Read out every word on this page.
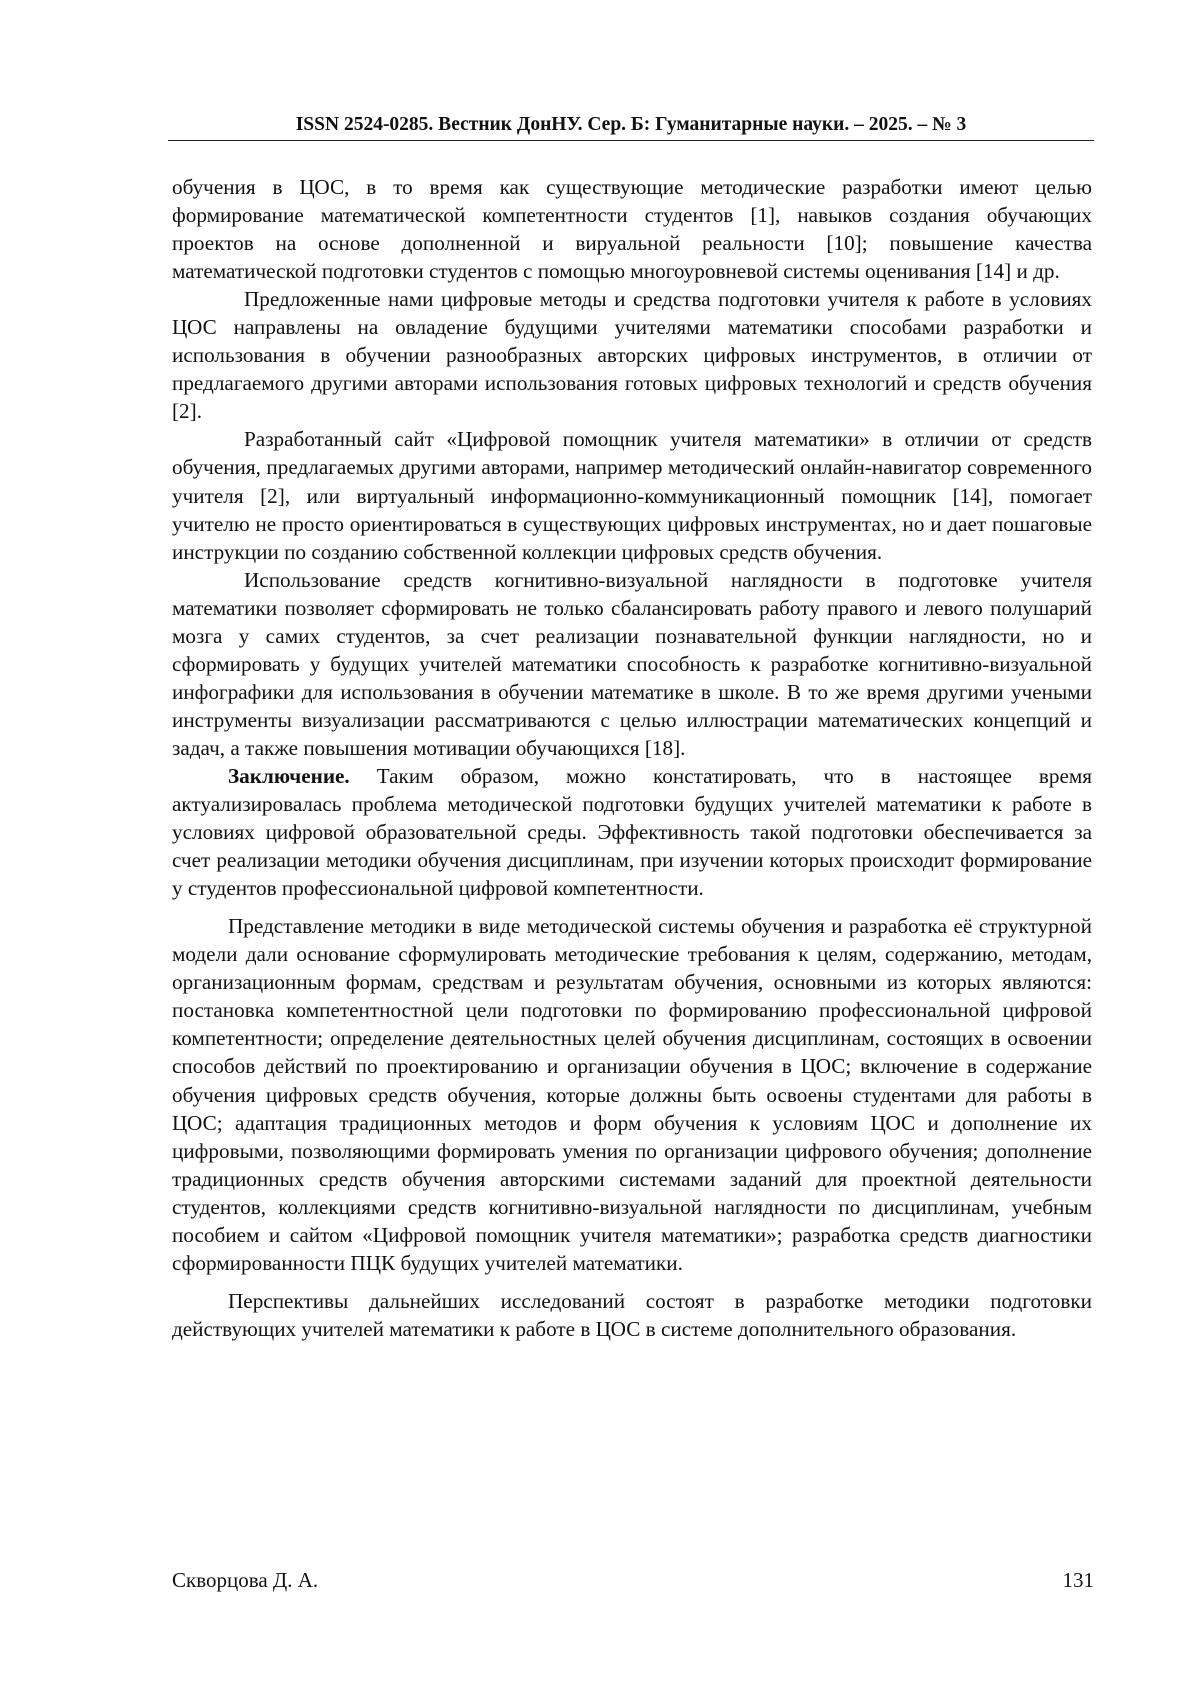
ISSN 2524-0285. Вестник ДонНУ. Сер. Б: Гуманитарные науки. – 2025. – № 3

обучения в ЦОС, в то время как существующие методические разработки имеют целью формирование математической компетентности студентов [1], навыков создания обучающих проектов на основе дополненной и вируальной реальности [10]; повышение качества математической подготовки студентов с помощью многоуровневой системы оценивания [14] и др.

Предложенные нами цифровые методы и средства подготовки учителя к работе в условиях ЦОС направлены на овладение будущими учителями математики способами разработки и использования в обучении разнообразных авторских цифровых инструментов, в отличии от предлагаемого другими авторами использования готовых цифровых технологий и средств обучения [2].

Разработанный сайт «Цифровой помощник учителя математики» в отличии от средств обучения, предлагаемых другими авторами, например методический онлайн-навигатор современного учителя [2], или виртуальный информационно-коммуникационный помощник [14], помогает учителю не просто ориентироваться в существующих цифровых инструментах, но и дает пошаговые инструкции по созданию собственной коллекции цифровых средств обучения.

Использование средств когнитивно-визуальной наглядности в подготовке учителя математики позволяет сформировать не только сбалансировать работу правого и левого полушарий мозга у самих студентов, за счет реализации познавательной функции наглядности, но и сформировать у будущих учителей математики способность к разработке когнитивно-визуальной инфографики для использования в обучении математике в школе. В то же время другими учеными инструменты визуализации рассматриваются с целью иллюстрации математических концепций и задач, а также повышения мотивации обучающихся [18].

Заключение. Таким образом, можно констатировать, что в настоящее время актуализировалась проблема методической подготовки будущих учителей математики к работе в условиях цифровой образовательной среды. Эффективность такой подготовки обеспечивается за счет реализации методики обучения дисциплинам, при изучении которых происходит формирование у студентов профессиональной цифровой компетентности.

Представление методики в виде методической системы обучения и разработка её структурной модели дали основание сформулировать методические требования к целям, содержанию, методам, организационным формам, средствам и результатам обучения, основными из которых являются: постановка компетентностной цели подготовки по формированию профессиональной цифровой компетентности; определение деятельностных целей обучения дисциплинам, состоящих в освоении способов действий по проектированию и организации обучения в ЦОС; включение в содержание обучения цифровых средств обучения, которые должны быть освоены студентами для работы в ЦОС; адаптация традиционных методов и форм обучения к условиям ЦОС и дополнение их цифровыми, позволяющими формировать умения по организации цифрового обучения; дополнение традиционных средств обучения авторскими системами заданий для проектной деятельности студентов, коллекциями средств когнитивно-визуальной наглядности по дисциплинам, учебным пособием и сайтом «Цифровой помощник учителя математики»; разработка средств диагностики сформированности ПЦК будущих учителей математики.

Перспективы дальнейших исследований состоят в разработке методики подготовки действующих учителей математики к работе в ЦОС в системе дополнительного образования.

Скворцова Д. А.	131
